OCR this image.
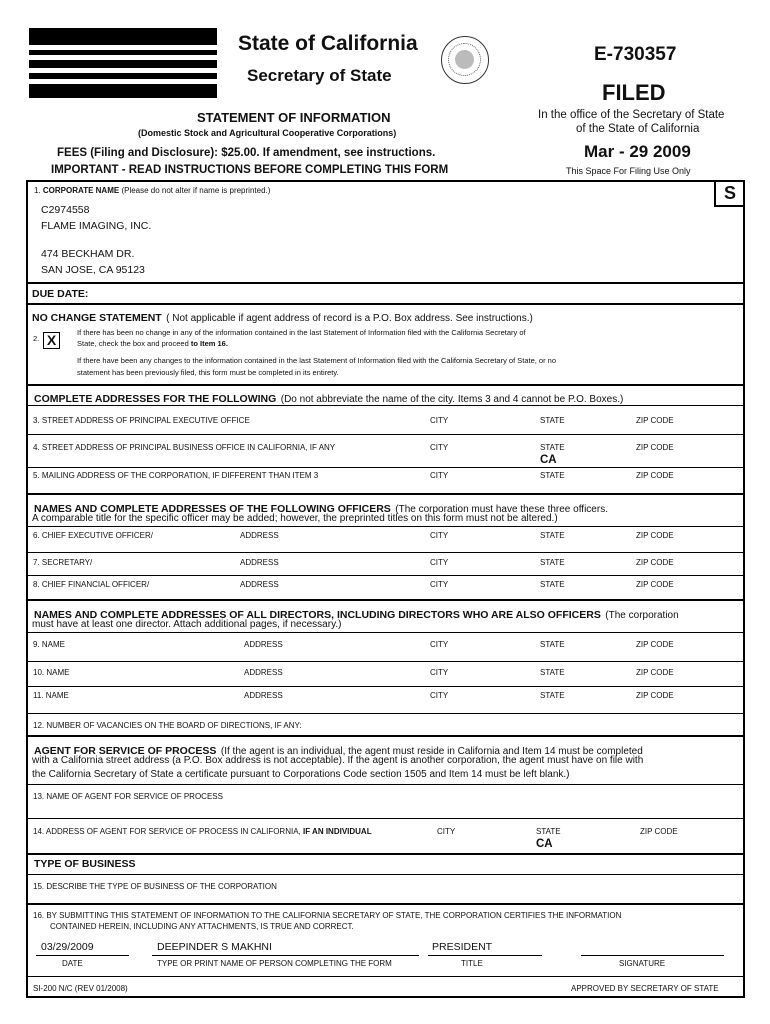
State of California
Secretary of State
E-730357
FILED
In the office of the Secretary of State
of the State of California
Mar - 29 2009
This Space For Filing Use Only
STATEMENT OF INFORMATION
(Domestic Stock and Agricultural Cooperative Corporations)
FEES (Filing and Disclosure): $25.00. If amendment, see instructions.
IMPORTANT - READ INSTRUCTIONS BEFORE COMPLETING THIS FORM
S
1. CORPORATE NAME (Please do not alter if name is preprinted.)
C2974558
FLAME IMAGING, INC.
474 BECKHAM DR.
SAN JOSE, CA 95123
DUE DATE:
NO CHANGE STATEMENT ( Not applicable if agent address of record is a P.O. Box address. See instructions.)
2. X	If there has been no change in any of the information contained in the last Statement of Information filed with the California Secretary of
State, check the box and proceed to Item 16.
If there have been any changes to the information contained in the last Statement of Information filed with the California Secretary of State, or no
statement has been previously filed, this form must be completed in its entirety.
COMPLETE ADDRESSES FOR THE FOLLOWING (Do not abbreviate the name of the city. Items 3 and 4 cannot be P.O. Boxes.)
3. STREET ADDRESS OF PRINCIPAL EXECUTIVE OFFICE	CITY	STATE	ZIP CODE
4. STREET ADDRESS OF PRINCIPAL BUSINESS OFFICE IN CALIFORNIA, IF ANY	CITY	STATE	ZIP CODE
CA
5. MAILING ADDRESS OF THE CORPORATION, IF DIFFERENT THAN ITEM 3	CITY	STATE	ZIP CODE
NAMES AND COMPLETE ADDRESSES OF THE FOLLOWING OFFICERS (The corporation must have these three officers.
A comparable title for the specific officer may be added; however, the preprinted titles on this form must not be altered.)
6. CHIEF EXECUTIVE OFFICER/	ADDRESS	CITY	STATE	ZIP CODE
7. SECRETARY/	ADDRESS	CITY	STATE	ZIP CODE
8. CHIEF FINANCIAL OFFICER/	ADDRESS	CITY	STATE	ZIP CODE
NAMES AND COMPLETE ADDRESSES OF ALL DIRECTORS, INCLUDING DIRECTORS WHO ARE ALSO OFFICERS (The corporation
must have at least one director. Attach additional pages, if necessary.)
9. NAME	ADDRESS	CITY	STATE	ZIP CODE
10. NAME	ADDRESS	CITY	STATE	ZIP CODE
11. NAME	ADDRESS	CITY	STATE	ZIP CODE
12. NUMBER OF VACANCIES ON THE BOARD OF DIRECTIONS, IF ANY:
AGENT FOR SERVICE OF PROCESS (If the agent is an individual, the agent must reside in California and Item 14 must be completed
with a California street address (a P.O. Box address is not acceptable). If the agent is another corporation, the agent must have on file with
the California Secretary of State a certificate pursuant to Corporations Code section 1505 and Item 14 must be left blank.)
13. NAME OF AGENT FOR SERVICE OF PROCESS
14. ADDRESS OF AGENT FOR SERVICE OF PROCESS IN CALIFORNIA, IF AN INDIVIDUAL	CITY	STATE	ZIP CODE
CA
TYPE OF BUSINESS
15. DESCRIBE THE TYPE OF BUSINESS OF THE CORPORATION
16. BY SUBMITTING THIS STATEMENT OF INFORMATION TO THE CALIFORNIA SECRETARY OF STATE, THE CORPORATION CERTIFIES THE INFORMATION
CONTAINED HEREIN, INCLUDING ANY ATTACHMENTS, IS TRUE AND CORRECT.
03/29/2009	DEEPINDER S MAKHNI	PRESIDENT
DATE	TYPE OR PRINT NAME OF PERSON COMPLETING THE FORM	TITLE	SIGNATURE
SI-200 N/C (REV 01/2008)	APPROVED BY SECRETARY OF STATE
